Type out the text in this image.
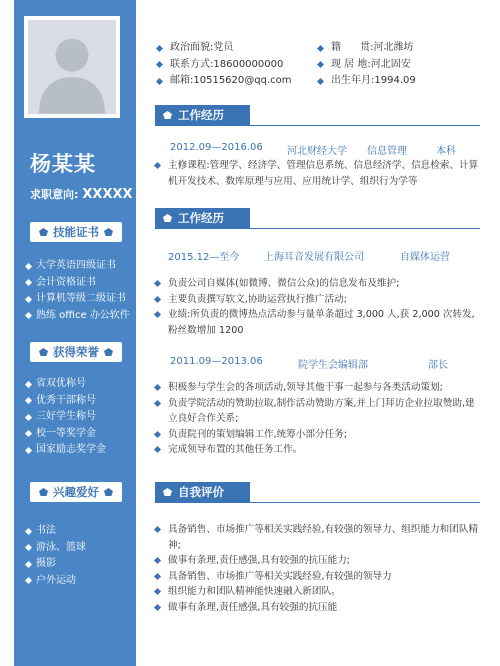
杨某某
求职意向: XXXXX
技能证书
大学英语四级证书
会计资格证书
计算机等级二级证书
熟练 office 办公软件
获得荣誉
省双优称号
优秀干部称号
三好学生称号
校一等奖学金
国家励志奖学金
兴趣爱好
书法
游泳、篮球
摄影
户外运动
政治面貌:党员
联系方式:18600000000
邮箱:10515620@qq.com
籍      贯:河北潍坊
现 居 地:河北固安
出生年月:1994.09
工作经历
2012.09—2016.06 河北财经大学 信息管理	本科
主修课程:管理学、经济学、管理信息系统、信息经济学、信息检索、计算机开发技术、数库原理与应用、应用统计学、组织行为学等
工作经历
2015.12—至今 上海耳音发展有限公司	自媒体运营
负责公司自媒体(如微博、微信公众)的信息发布及维护;
主要负责撰写软文,协助运营执行推广活动;
业绩:所负责的微博热点活动参与量单条超过 3,000 人,获 2,000 次转发,粉丝数增加 1200
2011.09—2013.06	院学生会编辑部	部长
积极参与学生会的各项活动,领导其他干事一起参与各类活动策划;
负责学院活动的赞助拉取,制作活动赞助方案,并上门拜访企业拉取赞助,建立良好合作关系;
负责院刊的策划编辑工作,统筹小部分任务;
完成领导布置的其他任务工作。
自我评价
具备销售、市场推广等相关实践经验,有较强的领导力、组织能力和团队精神;
做事有条理,责任感强,具有较强的抗压能力;
具备销售、市场推广等相关实践经验,有较强的领导力
组织能力和团队精神能快速融入新团队。
做事有条理,责任感强,具有较强的抗压能
